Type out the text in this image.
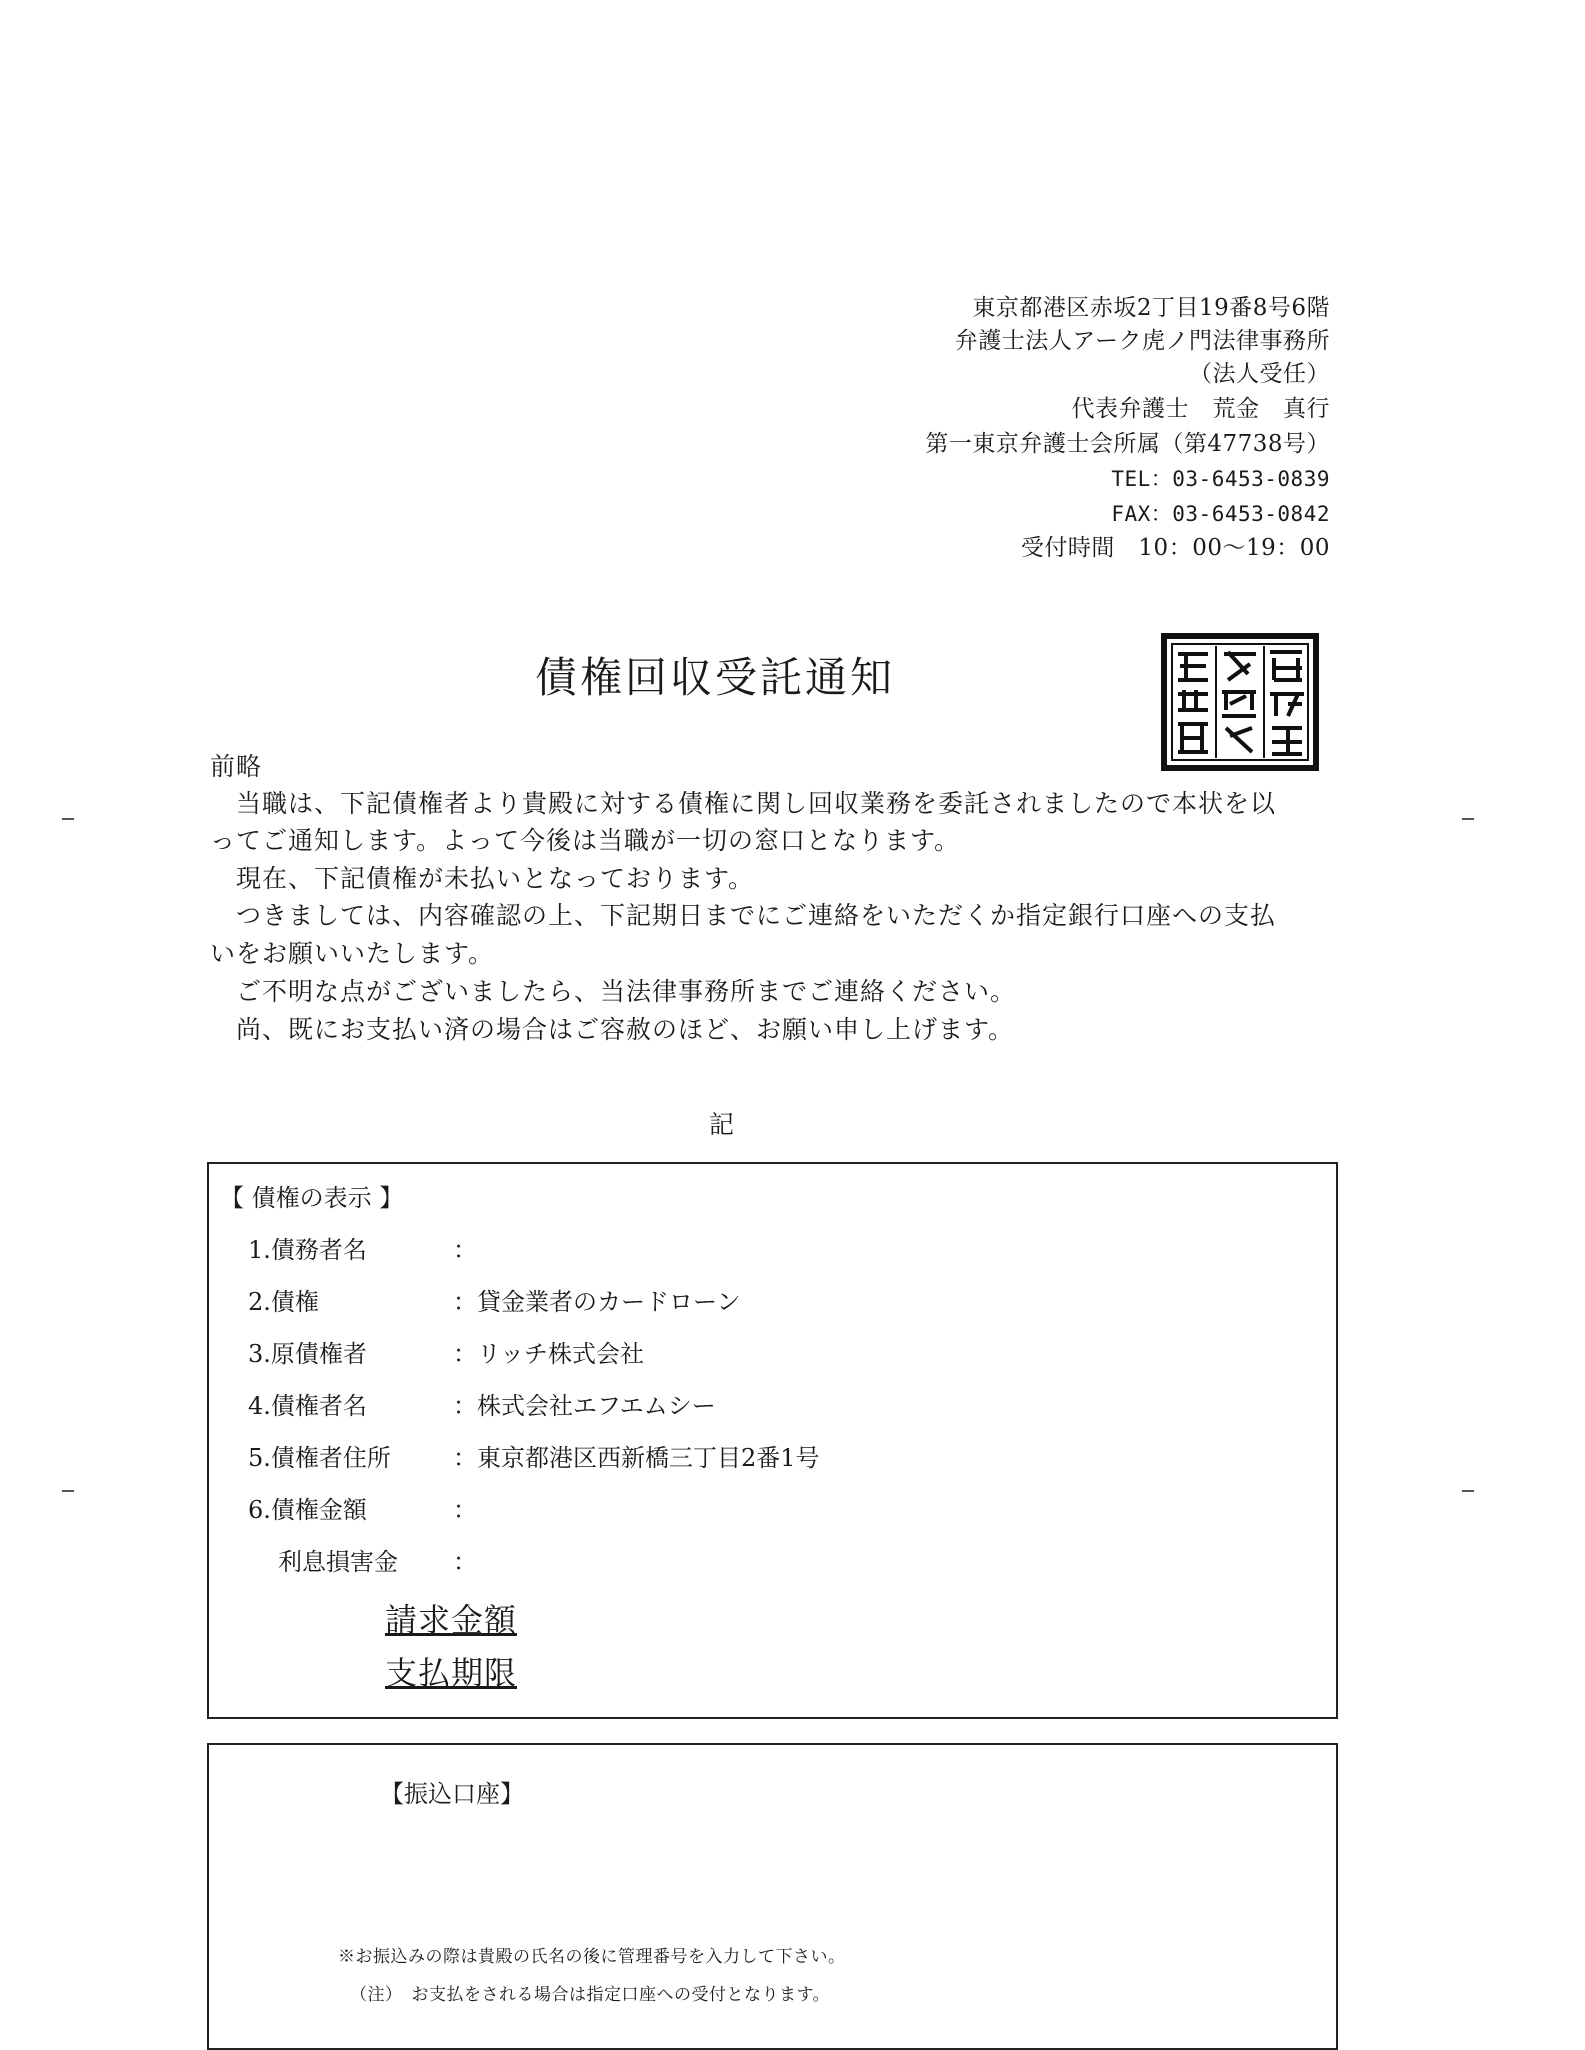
東京都港区赤坂2丁目19番8号6階
弁護士法人アーク虎ノ門法律事務所
（法人受任）
代表弁護士　荒金　真行
第一東京弁護士会所属（第47738号）
TEL：03-6453-0839
FAX：03-6453-0842
受付時間　10：00～19：00
債権回収受託通知
前略
　当職は、下記債権者より貴殿に対する債権に関し回収業務を委託されましたので本状を以
ってご通知します。よって今後は当職が一切の窓口となります。
　現在、下記債権が未払いとなっております。
　つきましては、内容確認の上、下記期日までにご連絡をいただくか指定銀行口座への支払
いをお願いいたします。
　ご不明な点がございましたら、当法律事務所までご連絡ください。
　尚、既にお支払い済の場合はご容赦のほど、お願い申し上げます。
記
【 債権の表示 】
1.債務者名	：
2.債権	：貸金業者のカードローン
3.原債権者	：リッチ株式会社
4.債権者名	：株式会社エフエムシー
5.債権者住所	：東京都港区西新橋三丁目2番1号
6.債権金額	：
利息損害金 ：
請求金額
支払期限
【振込口座】
※お振込みの際は貴殿の氏名の後に管理番号を入力して下さい。
（注）　お支払をされる場合は指定口座への受付となります。
